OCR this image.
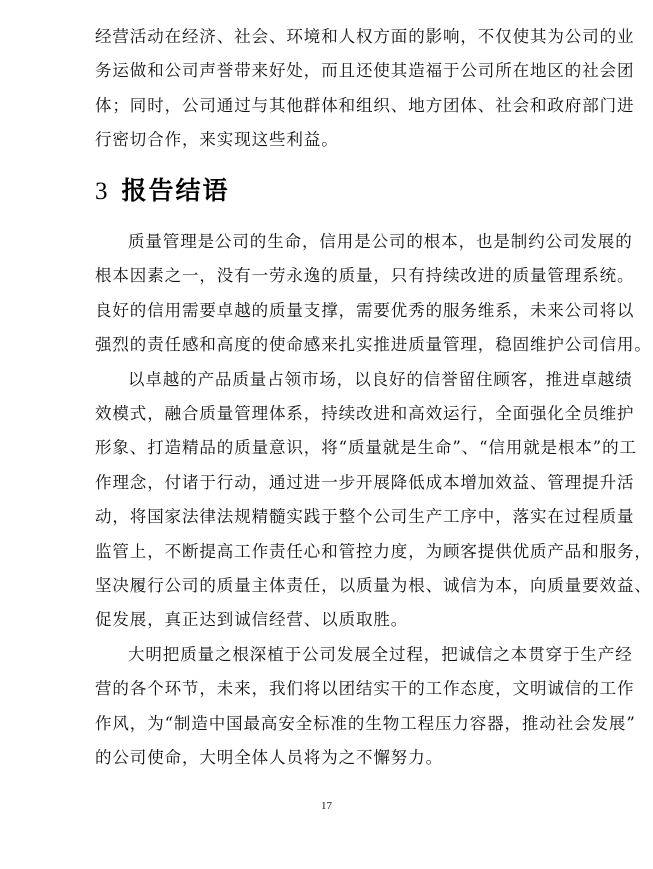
经营活动在经济、社会、环境和人权方面的影响，不仅使其为公司的业
务运做和公司声誉带来好处，而且还使其造福于公司所在地区的社会团
体；同时，公司通过与其他群体和组织、地方团体、社会和政府部门进
行密切合作，来实现这些利益。
3 报告结语
质量管理是公司的生命，信用是公司的根本，也是制约公司发展的
根本因素之一，没有一劳永逸的质量，只有持续改进的质量管理系统。
良好的信用需要卓越的质量支撑，需要优秀的服务维系，未来公司将以
强烈的责任感和高度的使命感来扎实推进质量管理，稳固维护公司信用。
以卓越的产品质量占领市场，以良好的信誉留住顾客，推进卓越绩
效模式，融合质量管理体系，持续改进和高效运行，全面强化全员维护
形象、打造精品的质量意识，将“质量就是生命”、“信用就是根本”的工
作理念，付诸于行动，通过进一步开展降低成本增加效益、管理提升活
动，将国家法律法规精髓实践于整个公司生产工序中，落实在过程质量
监管上，不断提高工作责任心和管控力度，为顾客提供优质产品和服务，
坚决履行公司的质量主体责任，以质量为根、诚信为本，向质量要效益、
促发展，真正达到诚信经营、以质取胜。
大明把质量之根深植于公司发展全过程，把诚信之本贯穿于生产经
营的各个环节，未来，我们将以团结实干的工作态度，文明诚信的工作
作风，为“制造中国最高安全标准的生物工程压力容器，推动社会发展”
的公司使命，大明全体人员将为之不懈努力。
17
